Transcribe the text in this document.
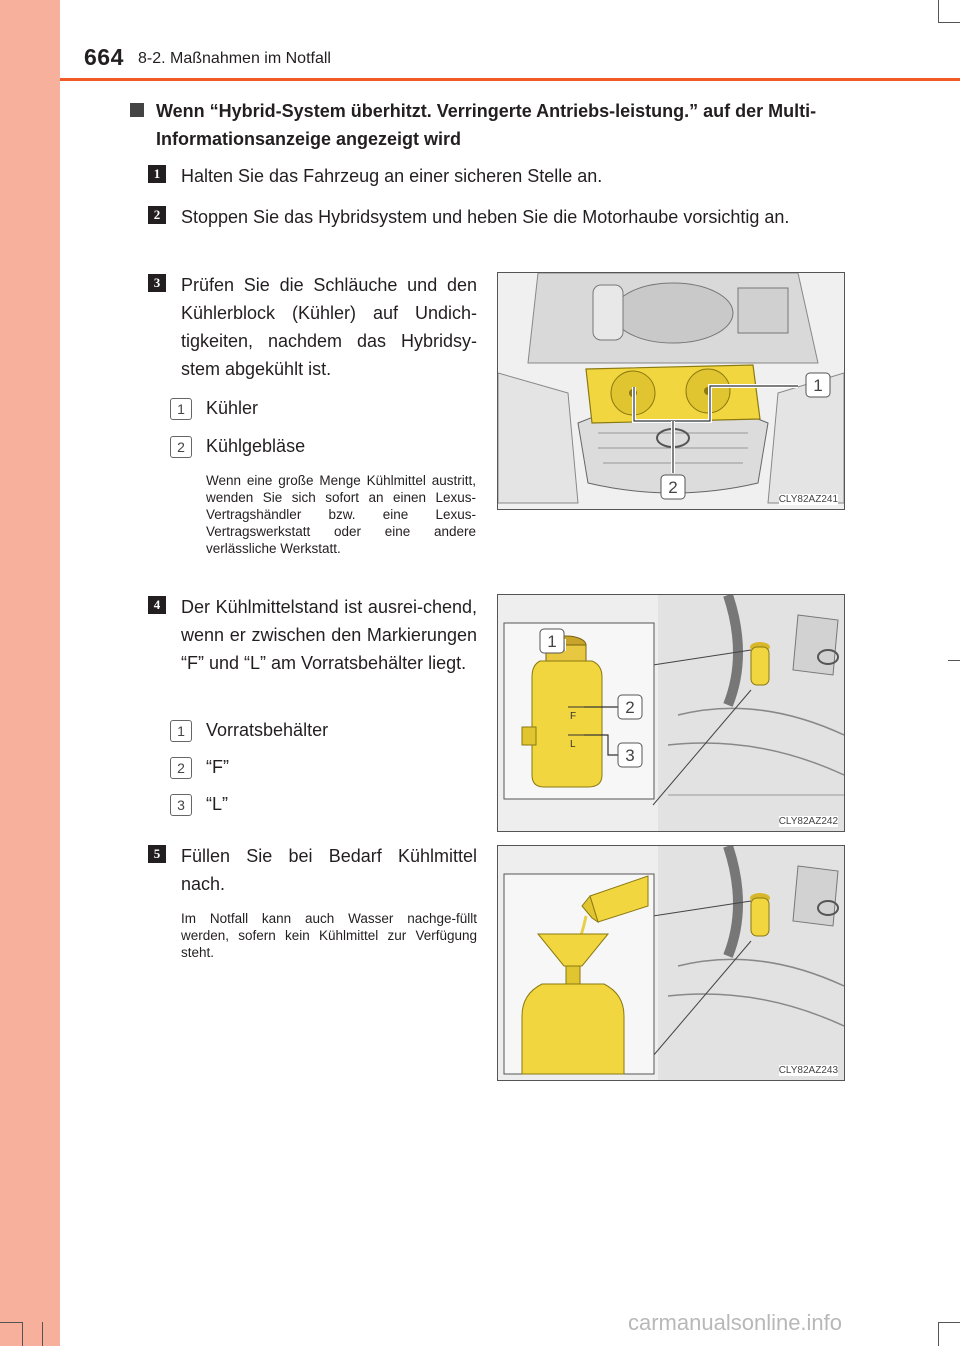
664 8-2. Maßnahmen im Notfall
Wenn “Hybrid-System überhitzt. Verringerte Antriebs-leistung.” auf der Multi-Informationsanzeige angezeigt wird
1	Halten Sie das Fahrzeug an einer sicheren Stelle an.
2	Stoppen Sie das Hybridsystem und heben Sie die Motorhaube vorsichtig an.
3	Prüfen Sie die Schläuche und den Kühlerblock (Kühler) auf Undich-tigkeiten, nachdem das Hybridsy-stem abgekühlt ist.
1	Kühler
2	Kühlgebläse
Wenn eine große Menge Kühlmittel austritt, wenden Sie sich sofort an einen Lexus-Vertragshändler bzw. eine Lexus-Vertragswerkstatt oder eine andere verlässliche Werkstatt.
1
2
CLY82AZ241
4	Der Kühlmittelstand ist ausrei-chend, wenn er zwischen den Markierungen “F” und “L” am Vorratsbehälter liegt.
1	Vorratsbehälter
2	“F”
3	“L”
F
L
1
2
3
CLY82AZ242
5	Füllen Sie bei Bedarf Kühlmittel nach.
Im Notfall kann auch Wasser nachge-füllt werden, sofern kein Kühlmittel zur Verfügung steht.
CLY82AZ243
carmanualsonline.info
